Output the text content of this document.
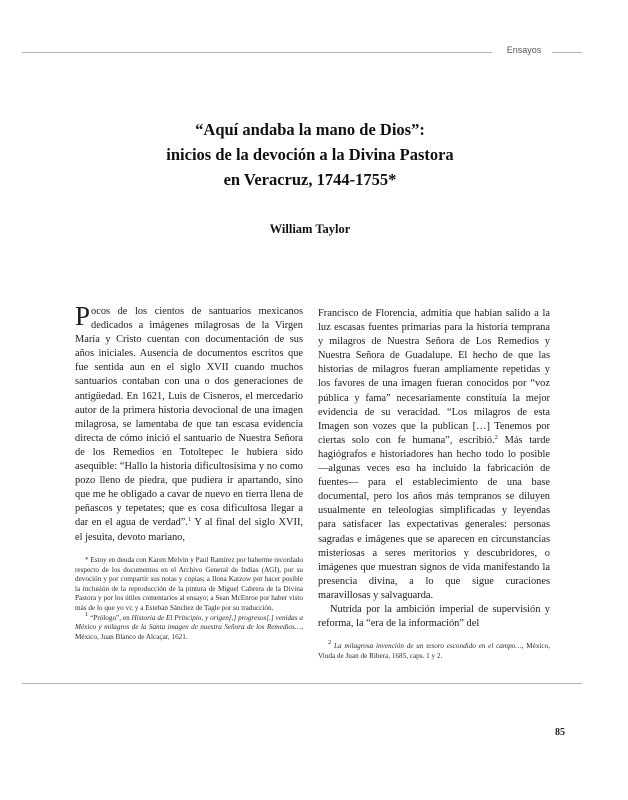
Ensayos
“Aquí andaba la mano de Dios”:
inicios de la devoción a la Divina Pastora
en Veracruz, 1744-1755*
William Taylor

Pocos de los cientos de santuarios mexicanos dedicados a imágenes milagrosas de la Virgen María y Cristo cuentan con documentación de sus años iniciales. Ausencia de documentos escritos que fue sentida aun en el siglo XVII cuando muchos santuarios contaban con una o dos generaciones de antigüedad. En 1621, Luis de Cisneros, el mercedario autor de la primera historia devocional de una imagen milagrosa, se lamentaba de que tan escasa evidencia directa de cómo inició el santuario de Nuestra Señora de los Remedios en Totoltepec le hubiera sido asequible: “Hallo la historia dificultosísima y no como pozo lleno de piedra, que pudiera ir apartando, sino que me he obligado a cavar de nuevo en tierra llena de peñascos y tepetates; que es cosa dificultosa llegar a dar en el agua de verdad”.$^1$ Y al final del siglo XVII, el jesuita, devoto mariano,

Francisco de Florencia, admitía que habían salido a la luz escasas fuentes primarias para la historia temprana y milagros de Nuestra Señora de Los Remedios y Nuestra Señora de Guadalupe. El hecho de que las historias de milagros fueran ampliamente repetidas y los favores de una imagen fueran conocidos por “voz pública y fama” necesariamente constituía la mejor evidencia de su veracidad. “Los milagros de esta Imagen son vozes que la publican […] Tenemos por ciertas solo con fe humana”, escribió.$^2$ Más tarde hagiógrafos e historiadores han hecho todo lo posible —algunas veces eso ha incluido la fabricación de fuentes— para el establecimiento de una base documental, pero los años más tempranos se diluyen usualmente en teleologías simplificadas y leyendas para satisfacer las expectativas generales: personas sagradas e imágenes que se aparecen en circunstancias misteriosas a seres meritorios y descubridores, o imágenes que muestran signos de vida manifestando la presencia divina, a lo que sigue curaciones maravillosas y salvaguarda.

Nutrida por la ambición imperial de supervisión y reforma, la “era de la información” del

* Estoy en deuda con Karen Melvin y Paul Ramírez por haberme recordado respecto de los documentos en el Archivo General de Indias (AGI), por su devoción y por compartir sus notas y copias; a Ilona Katzow por hacer posible la inclusión de la reproducción de la pintura de Miguel Cabrera de la Divina Pastora y por los útiles comentarios al ensayo; a Sean McEnroe por haber visto más de lo que yo vi; y a Esteban Sánchez de Tagle por su traducción.

$^1$ “Prólogo”, en Historia de El Principio, y origen[,] progresos[,] venidas a México y milagros de la Santa imagen de nuestra Señora de los Remedios…, México, Juan Blanco de Alcaçar, 1621.

$^2$ La milagrosa invención de un tesoro escondido en el campo…, México, Viuda de Juan de Ribera, 1685, caps. 1 y 2.

85
